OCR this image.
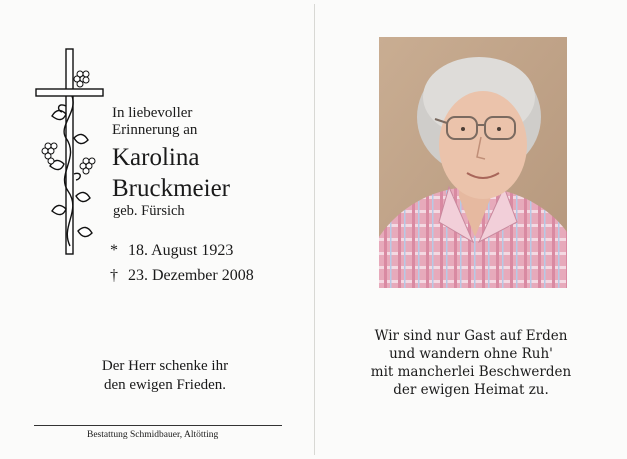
In liebevoller
Erinnerung an
Karolina
Bruckmeier
geb. Fürsich
* 18. August 1923
† 23. Dezember 2008
Der Herr schenke ihr
den ewigen Frieden.
Bestattung Schmidbauer, Altötting
Wir sind nur Gast auf Erden
und wandern ohne Ruh'
mit mancherlei Beschwerden
der ewigen Heimat zu.
